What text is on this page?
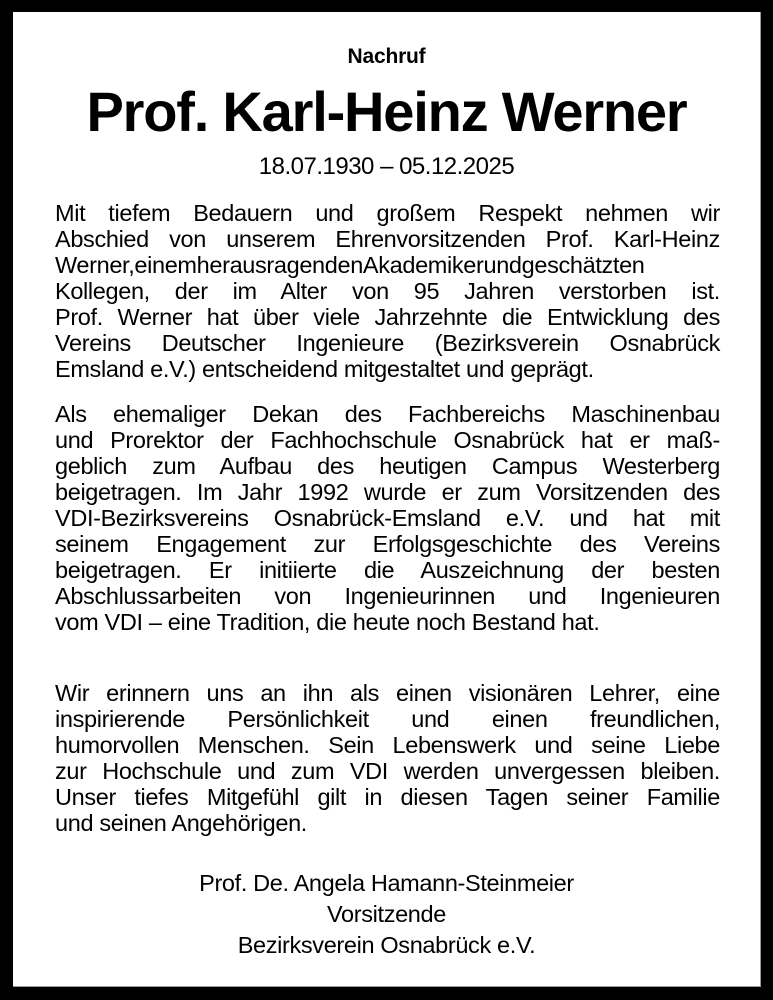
Nachruf
Prof. Karl-Heinz Werner
18.07.1930 – 05.12.2025
Mit tiefem Bedauern und großem Respekt nehmen wir
Abschied von unserem Ehrenvorsitzenden Prof. Karl-Heinz
Werner,einemherausragendenAkademikerundgeschätzten
Kollegen, der im Alter von 95 Jahren verstorben ist.
Prof. Werner hat über viele Jahrzehnte die Entwicklung des
Vereins Deutscher Ingenieure (Bezirksverein Osnabrück
Emsland e.V.) entscheidend mitgestaltet und geprägt.
Als ehemaliger Dekan des Fachbereichs Maschinenbau
und Prorektor der Fachhochschule Osnabrück hat er maß-
geblich zum Aufbau des heutigen Campus Westerberg
beigetragen. Im Jahr 1992 wurde er zum Vorsitzenden des
VDI-Bezirksvereins Osnabrück-Emsland e.V. und hat mit
seinem Engagement zur Erfolgsgeschichte des Vereins
beigetragen. Er initiierte die Auszeichnung der besten
Abschlussarbeiten von Ingenieurinnen und Ingenieuren
vom VDI – eine Tradition, die heute noch Bestand hat.
Wir erinnern uns an ihn als einen visionären Lehrer, eine
inspirierende Persönlichkeit und einen freundlichen,
humorvollen Menschen. Sein Lebenswerk und seine Liebe
zur Hochschule und zum VDI werden unvergessen bleiben.
Unser tiefes Mitgefühl gilt in diesen Tagen seiner Familie
und seinen Angehörigen.
Prof. De. Angela Hamann-Steinmeier
Vorsitzende
Bezirksverein Osnabrück e.V.
